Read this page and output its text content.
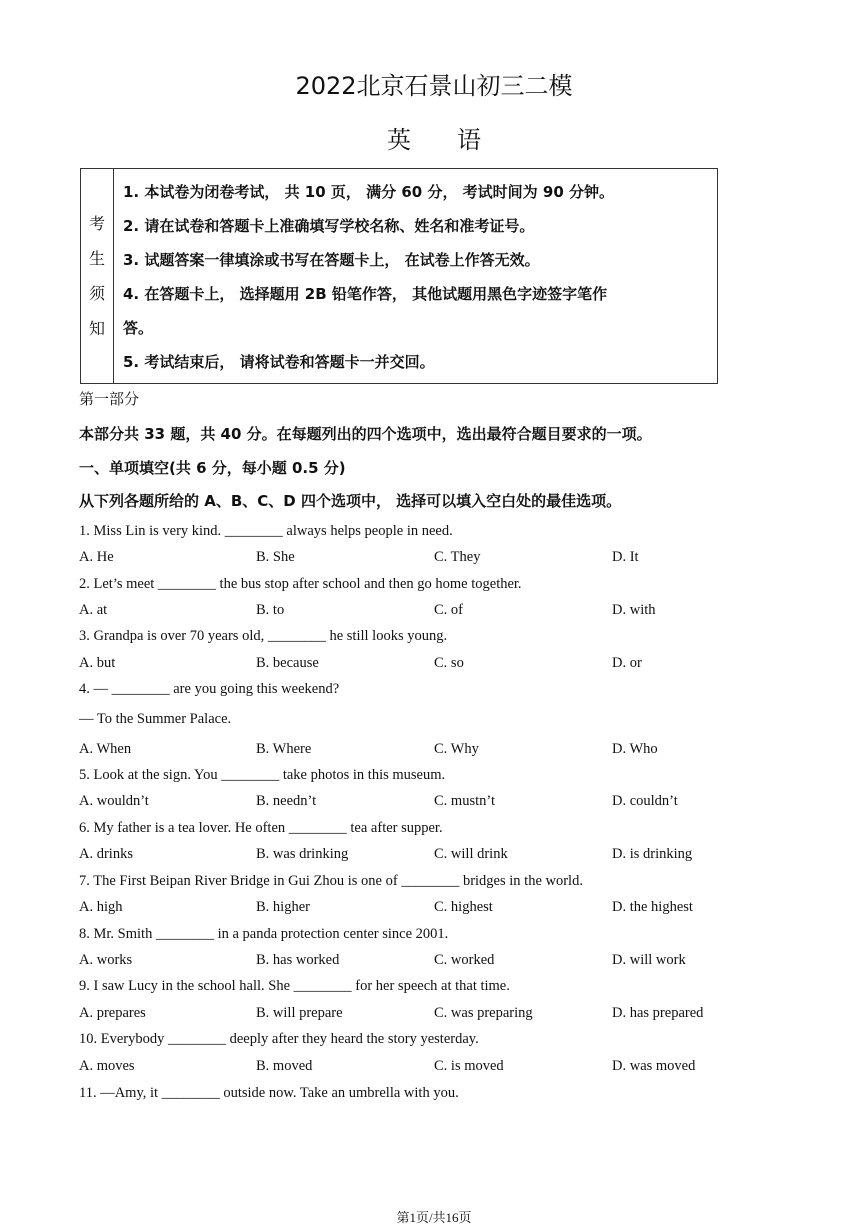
2022北京石景山初三二模
英语
考
生
须
知
1. 本试卷为闭卷考试， 共 10 页， 满分 60 分， 考试时间为 90 分钟。
2. 请在试卷和答题卡上准确填写学校名称、姓名和准考证号。
3. 试题答案一律填涂或书写在答题卡上， 在试卷上作答无效。
4. 在答题卡上， 选择题用 2B 铅笔作答， 其他试题用黑色字迹签字笔作
答。
5. 考试结束后， 请将试卷和答题卡一并交回。
第一部分
本部分共 33 题，共 40 分。在每题列出的四个选项中，选出最符合题目要求的一项。
一、单项填空(共 6 分，每小题 0.5 分)
从下列各题所给的 A、B、C、D 四个选项中， 选择可以填入空白处的最佳选项。
1. Miss Lin is very kind. ________ always helps people in need.
A. He	B. She	C. They	D. It
2. Let’s meet ________ the bus stop after school and then go home together.
A. at	B. to	C. of	D. with
3. Grandpa is over 70 years old, ________ he still looks young.
A. but	B. because	C. so	D. or
4. — ________ are you going this weekend?
— To the Summer Palace.
A. When	B. Where	C. Why	D. Who
5. Look at the sign. You ________ take photos in this museum.
A. wouldn’t	B. needn’t	C. mustn’t	D. couldn’t
6. My father is a tea lover. He often ________ tea after supper.
A. drinks	B. was drinking	C. will drink	D. is drinking
7. The First Beipan River Bridge in Gui Zhou is one of ________ bridges in the world.
A. high	B. higher	C. highest	D. the highest
8. Mr. Smith ________ in a panda protection center since 2001.
A. works	B. has worked	C. worked	D. will work
9. I saw Lucy in the school hall. She ________ for her speech at that time.
A. prepares	B. will prepare	C. was preparing	D. has prepared
10. Everybody ________ deeply after they heard the story yesterday.
A. moves	B. moved	C. is moved	D. was moved
11. —Amy, it ________ outside now. Take an umbrella with you.
第1页/共16页
